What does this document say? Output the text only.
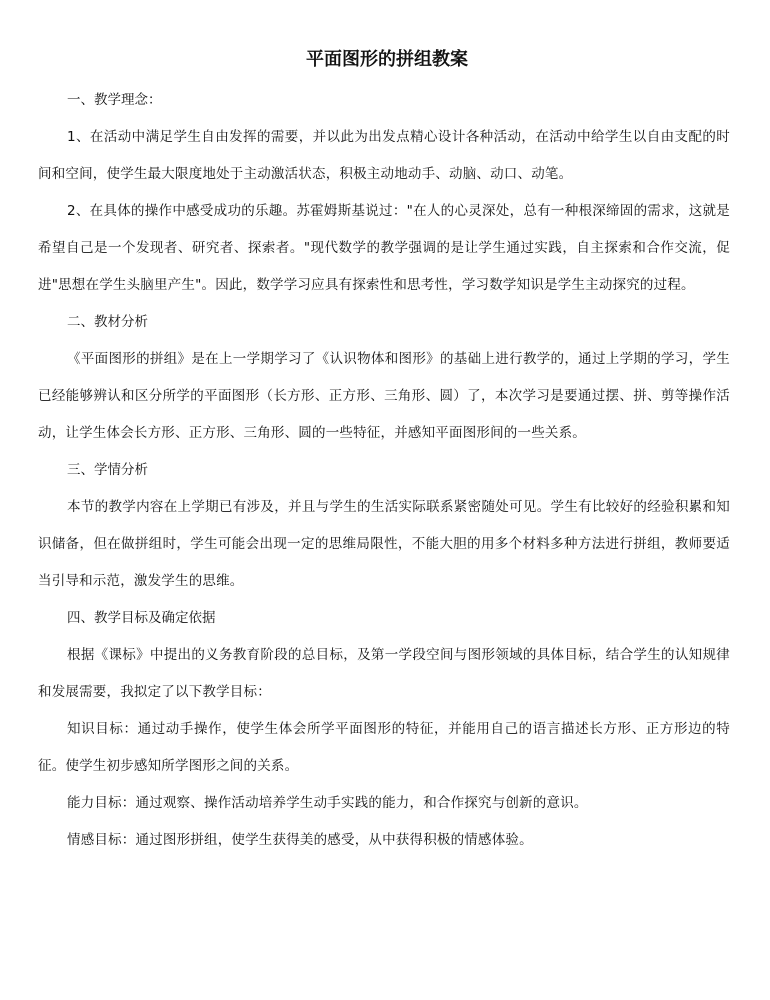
平面图形的拼组教案

一、教学理念：

1、在活动中满足学生自由发挥的需要，并以此为出发点精心设计各种活动，在活动中给学生以自由支配的时间和空间，使学生最大限度地处于主动激活状态，积极主动地动手、动脑、动口、动笔。

2、在具体的操作中感受成功的乐趣。苏霍姆斯基说过："在人的心灵深处，总有一种根深缔固的需求，这就是希望自己是一个发现者、研究者、探索者。"现代数学的教学强调的是让学生通过实践，自主探索和合作交流，促进"思想在学生头脑里产生"。因此，数学学习应具有探索性和思考性，学习数学知识是学生主动探究的过程。

二、教材分析

《平面图形的拼组》是在上一学期学习了《认识物体和图形》的基础上进行教学的，通过上学期的学习，学生已经能够辨认和区分所学的平面图形（长方形、正方形、三角形、圆）了，本次学习是要通过摆、拼、剪等操作活动，让学生体会长方形、正方形、三角形、圆的一些特征，并感知平面图形间的一些关系。

三、学情分析

本节的教学内容在上学期已有涉及，并且与学生的生活实际联系紧密随处可见。学生有比较好的经验积累和知识储备，但在做拼组时，学生可能会出现一定的思维局限性，不能大胆的用多个材料多种方法进行拼组，教师要适当引导和示范，激发学生的思维。

四、教学目标及确定依据

根据《课标》中提出的义务教育阶段的总目标，及第一学段空间与图形领域的具体目标，结合学生的认知规律和发展需要，我拟定了以下教学目标：

知识目标：通过动手操作，使学生体会所学平面图形的特征，并能用自己的语言描述长方形、正方形边的特征。使学生初步感知所学图形之间的关系。

能力目标：通过观察、操作活动培养学生动手实践的能力，和合作探究与创新的意识。

情感目标：通过图形拼组，使学生获得美的感受，从中获得积极的情感体验。
